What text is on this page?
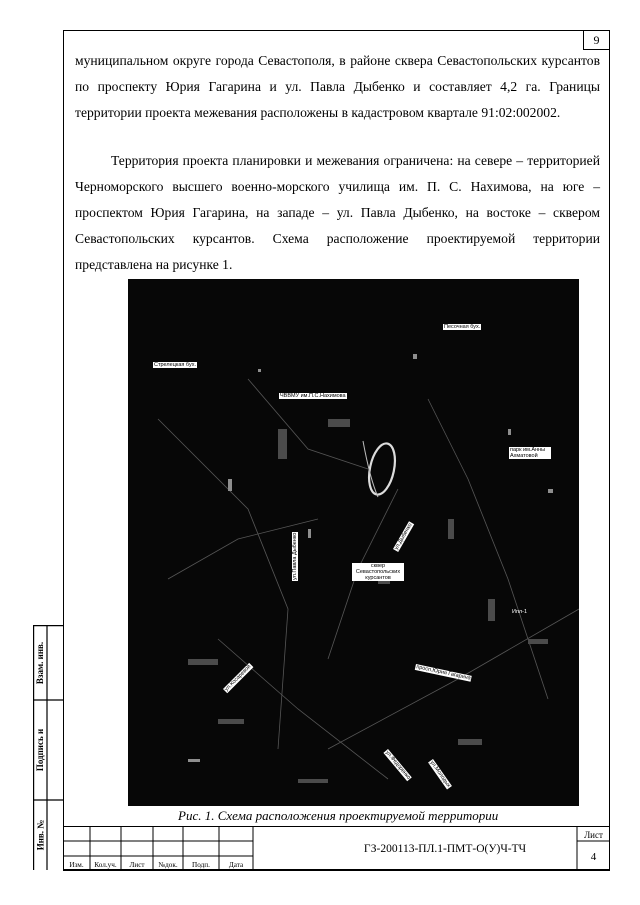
9

муниципальном округе города Севастополя, в районе сквера Севастопольских курсантов по проспекту Юрия Гагарина и ул. Павла Дыбенко и составляет 4,2 га. Границы территории проекта межевания расположены в кадастровом квартале 91:02:002002.

Территория проекта планировки и межевания ограничена: на севере – территорией Черноморского высшего военно-морского училища им. П. С. Нахимова, на юге – проспектом Юрия Гагарина, на западе – ул. Павла Дыбенко, на востоке – сквером Севастопольских курсантов. Схема расположение проектируемой территории представлена на рисунке 1.

Песочная бух.
Стрелецкая бух.
ЧВВМУ им.П.С.Нахимова
парк им.Анны Ахматовой
сквер Севастопольских курсантов
ул.Павла Дыбенко	ул.Дыбенко
просп.Юрия Гагарина
ул.Косаревой
ул.Федоренко	ул.Молодых
Ипл-1
Рис. 1. Схема расположения проектируемой территории
Изм.	Кол.уч.	Лист	№док.	Подп.	Дата
ГЗ-200113-ПЛ.1-ПМТ-О(У)Ч-ТЧ
Лист
4
Взам. инв.
Подпись и
Инв. №
